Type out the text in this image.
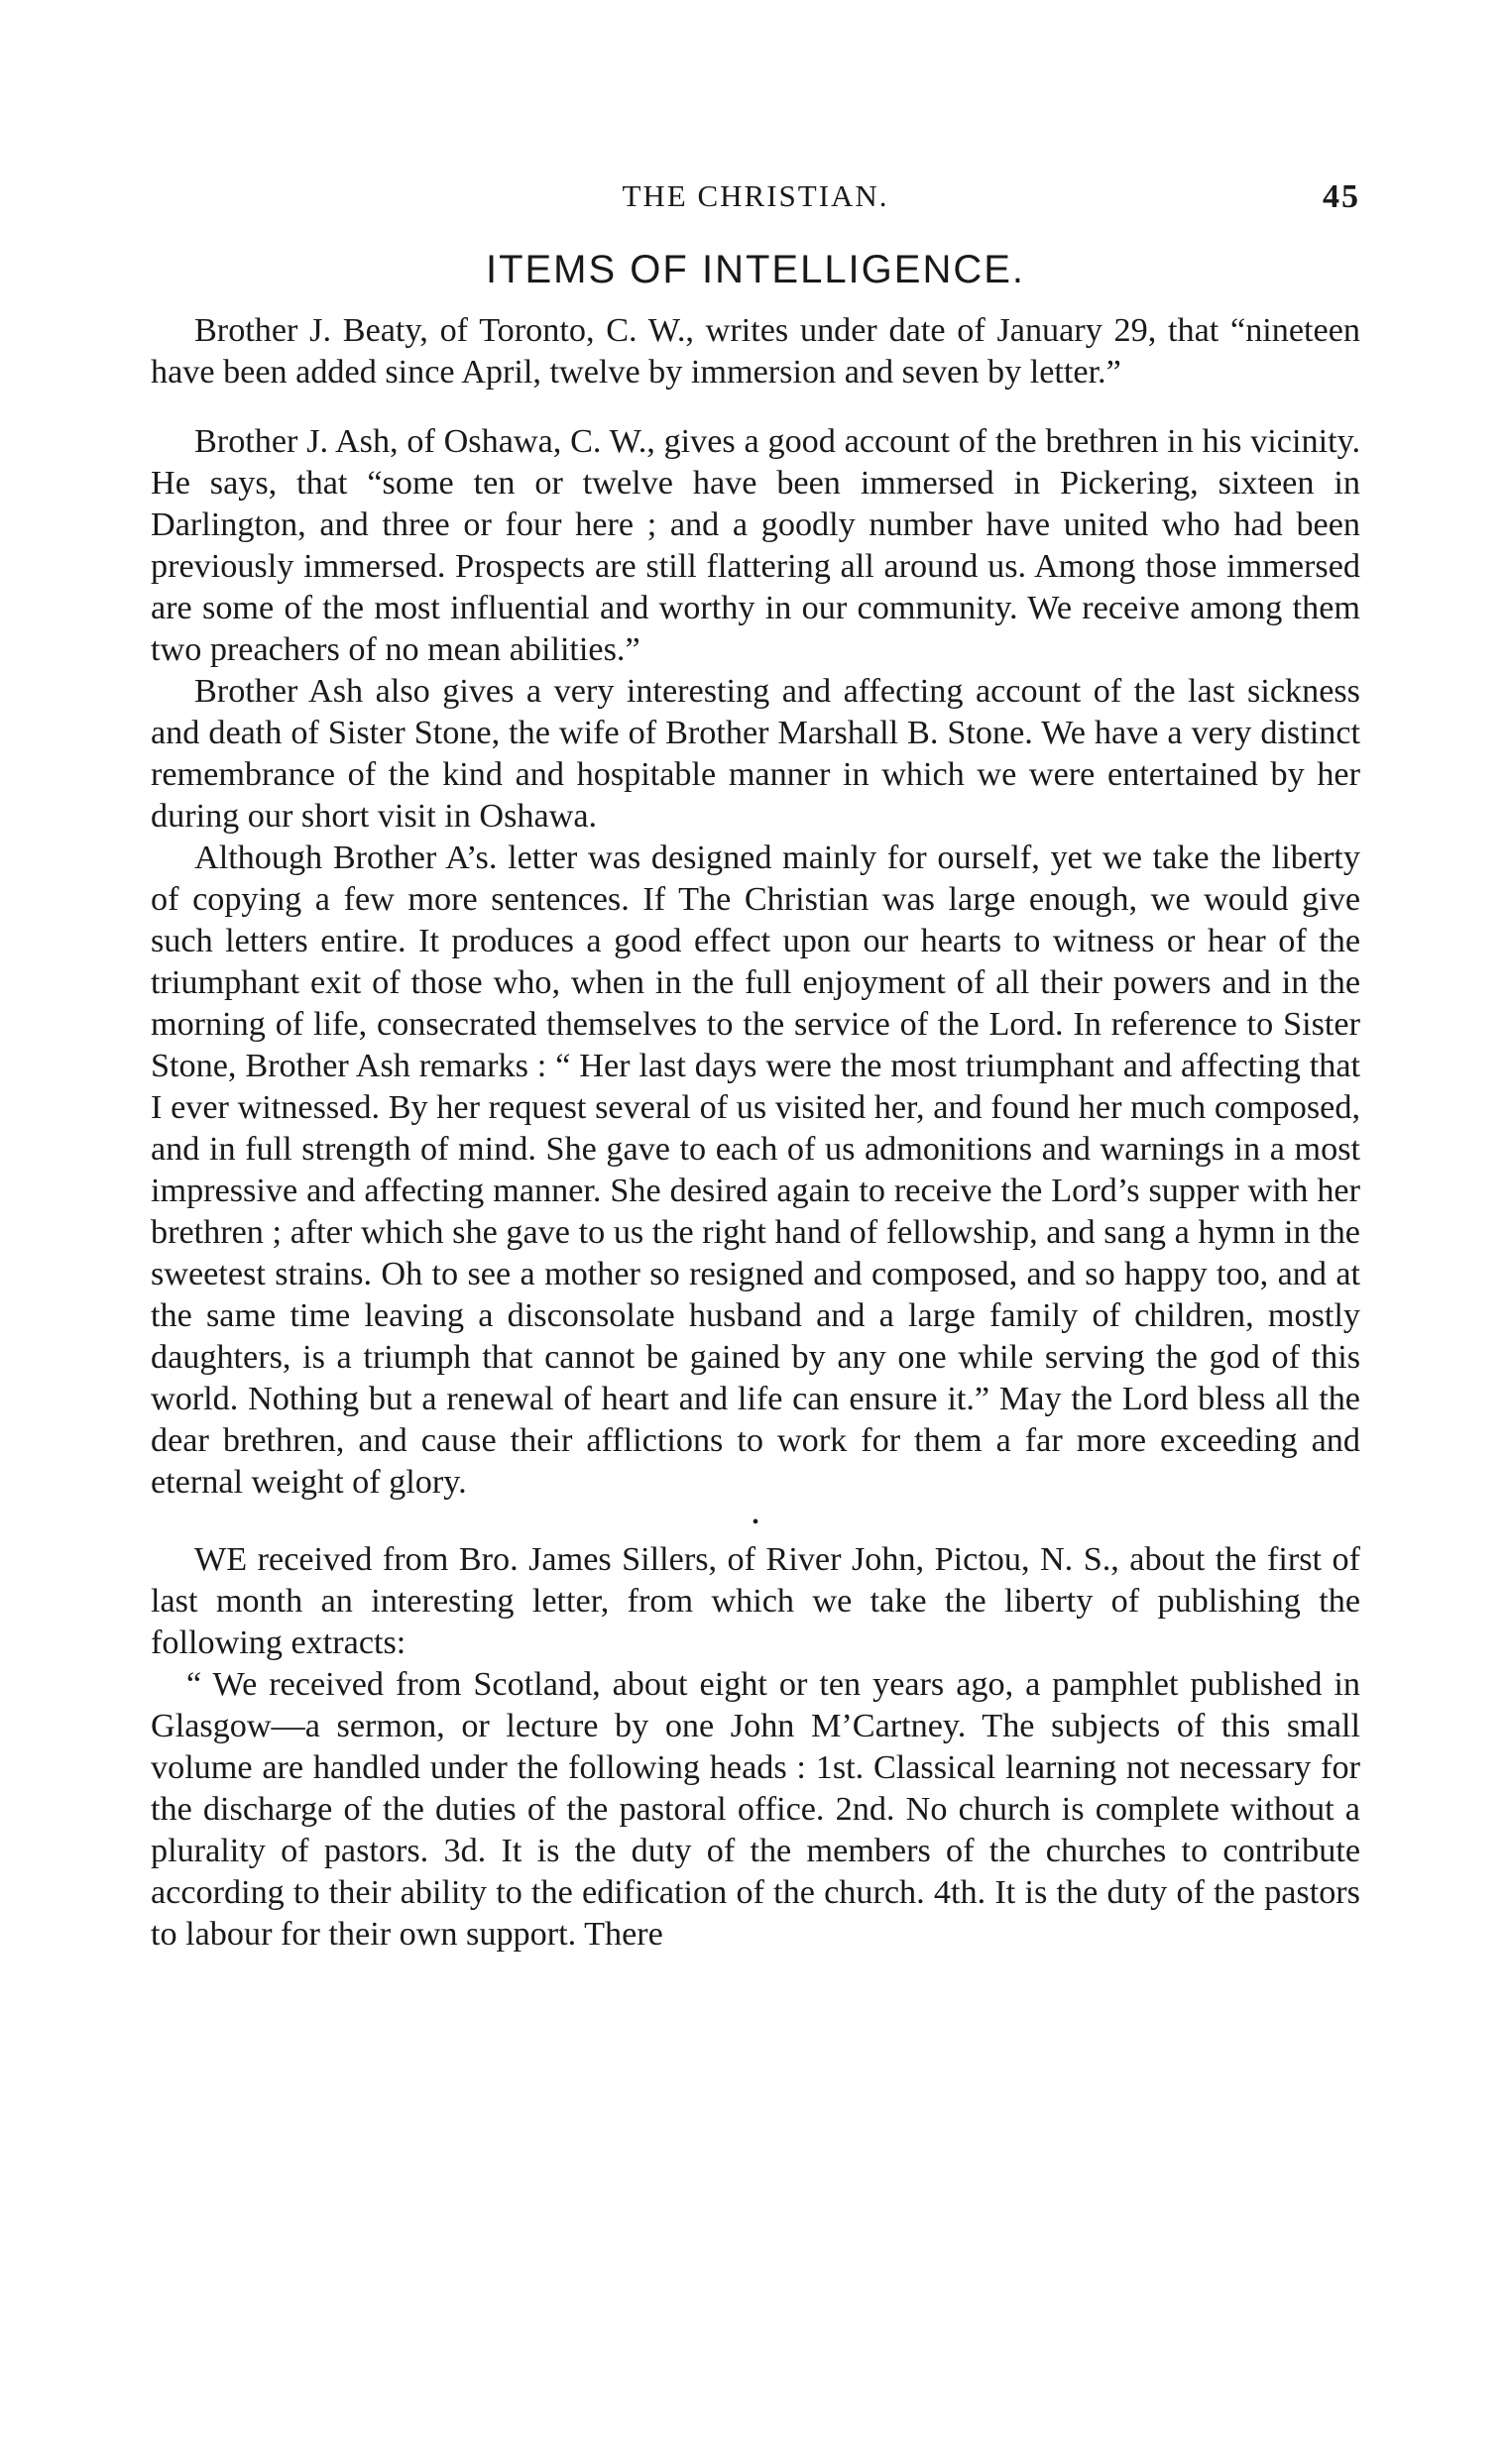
THE CHRISTIAN.	45
ITEMS OF INTELLIGENCE.

Brother J. Beaty, of Toronto, C. W., writes under date of January 29, that “nineteen have been added since April, twelve by immersion and seven by letter.”

Brother J. Ash, of Oshawa, C. W., gives a good account of the brethren in his vicinity. He says, that “some ten or twelve have been immersed in Pickering, sixteen in Darlington, and three or four here ; and a goodly number have united who had been previously immersed. Prospects are still flattering all around us. Among those immersed are some of the most influential and worthy in our community. We receive among them two preachers of no mean abilities.”

Brother Ash also gives a very interesting and affecting account of the last sickness and death of Sister Stone, the wife of Brother Marshall B. Stone. We have a very distinct remembrance of the kind and hospitable manner in which we were entertained by her during our short visit in Oshawa.

Although Brother A’s. letter was designed mainly for ourself, yet we take the liberty of copying a few more sentences. If The Christian was large enough, we would give such letters entire. It produces a good effect upon our hearts to witness or hear of the triumphant exit of those who, when in the full enjoyment of all their powers and in the morning of life, consecrated themselves to the service of the Lord. In reference to Sister Stone, Brother Ash remarks : “ Her last days were the most triumphant and affecting that I ever witnessed. By her request several of us visited her, and found her much composed, and in full strength of mind. She gave to each of us admonitions and warnings in a most impressive and affecting manner. She desired again to receive the Lord’s supper with her brethren ; after which she gave to us the right hand of fellowship, and sang a hymn in the sweetest strains. Oh to see a mother so resigned and composed, and so happy too, and at the same time leaving a disconsolate husband and a large family of children, mostly daughters, is a triumph that cannot be gained by any one while serving the god of this world. Nothing but a renewal of heart and life can ensure it.” May the Lord bless all the dear brethren, and cause their afflictions to work for them a far more exceeding and eternal weight of glory.

•

WE received from Bro. James Sillers, of River John, Pictou, N. S., about the first of last month an interesting letter, from which we take the liberty of publishing the following extracts:

“ We received from Scotland, about eight or ten years ago, a pamphlet published in Glasgow—a sermon, or lecture by one John M’Cartney. The subjects of this small volume are handled under the following heads : 1st. Classical learning not necessary for the discharge of the duties of the pastoral office. 2nd. No church is complete without a plurality of pastors. 3d. It is the duty of the members of the churches to contribute according to their ability to the edification of the church. 4th. It is the duty of the pastors to labour for their own support. There
